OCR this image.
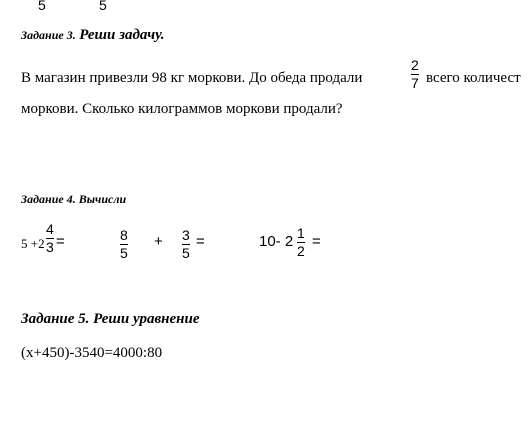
5	5
Задание 3. Реши задачу.
В магазин привезли 98 кг моркови. До обеда продали
2
7 всего количест
моркови. Сколько килограммов моркови продали?
Задание 4. Вычисли
5 +2
4
3 =	8
5
+ 3
5
=	10- 2 1
2
=
Задание 5. Реши уравнение
(x+450)-3540=4000:80
